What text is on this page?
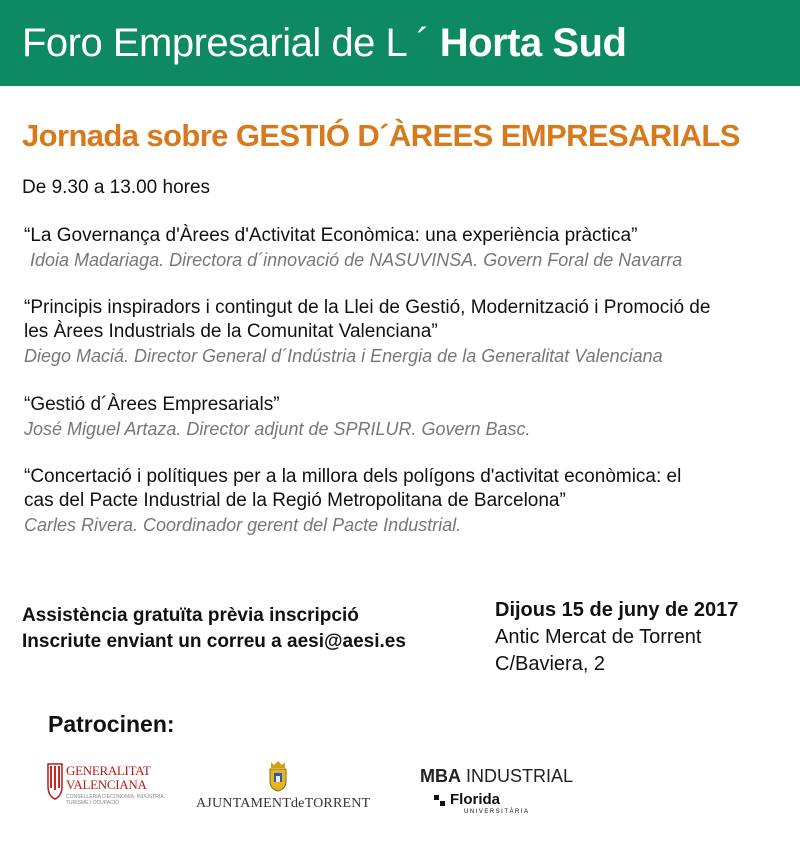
Foro Empresarial de L ´
Horta Sud
Jornada sobre GESTIÓ D´ÀREES EMPRESARIALS
De 9.30 a 13.00 hores
“La Governança d'Àrees d'Activitat Econòmica: una experiència pràctica”
Idoia Madariaga. Directora d´innovació de NASUVINSA. Govern Foral de Navarra
“Principis inspiradors i contingut de la Llei de Gestió, Modernització i Promoció de
les Àrees Industrials de la Comunitat Valenciana”
Diego Maciá. Director General d´Indústria i Energia de la Generalitat Valenciana
“Gestió d´Àrees Empresarials”
José Miguel Artaza. Director adjunt de SPRILUR. Govern Basc.
“Concertació i polítiques per a la millora dels polígons d'activitat econòmica: el
cas del Pacte Industrial de la Regió Metropolitana de Barcelona”
Carles Rivera. Coordinador gerent del Pacte Industrial.
Assistència gratuïta prèvia inscripció
Inscriute enviant un correu a aesi@aesi.es
Dijous 15 de juny de 2017
Antic Mercat de Torrent
C/Baviera, 2
Patrocinen:
GENERALITAT
VALENCIANA
CONSELLERIA D'ECONOMIA, INDÚSTRIA, TURISME I OCUPACIÓ	AJUNTAMENTdeTORRENT
MBA INDUSTRIAL
Florida
UNIVERSITÀRIA
